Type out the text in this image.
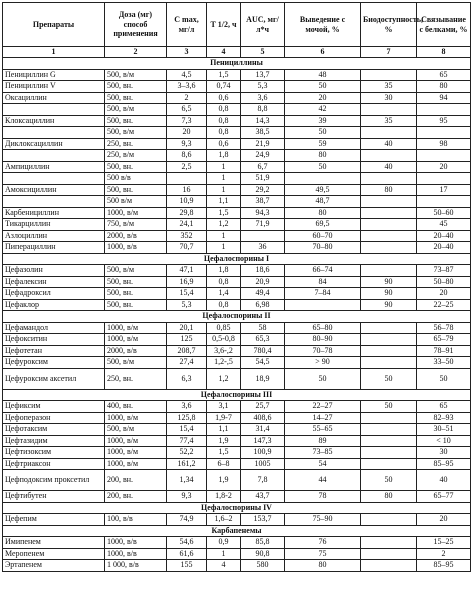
Препараты	Доза (мг) способ применения	C max, мг/л	T 1/2, ч	AUC, мг/л*ч	Выведение с мочой, %	Биодоступность, %	Связывание с белками, %
1	2	3	4	5	6	7	8
Пенициллины							
Пенициллин G	500, в/м	4,5	1,5	13,7	48		65
Пенициллин V	500, вн.	3–3,6	0,74	5,3	50	35	80
Оксациллин	500, вн.	2	0,6	3,6	20	30	94
	500, в/м	6,5	0,8	8,8	42		
Клоксациллин	500, вн.	7,3	0,8	14,3	39	35	95
	500, в/м	20	0,8	38,5	50		
Диклоксациллин	250, вн.	9,3	0,6	21,9	59	40	98
	250, в/м	8,6	1,8	24,9	80		
Ампициллин	500, вн.	2,5	1	6,7	50	40	20
	500 в/в		1	51,9			
Амоксициллин	500, вн.	16	1	29,2	49,5	80	17
	500 в/м	10,9	1,1	38,7	48,7		
Карбенициллин	1000, в/м	29,8	1,5	94,3	80		50–60
Тикарциллин	750, в/м	24,1	1,2	71,9	69,5		45
Азлоциллин	2000, в/в	352	1		60–70		20–40
Пиперациллин	1000, в/в	70,7	1	36	70–80		20–40
Цефалоспорины I							
Цефазолин	500, в/м	47,1	1,8	18,6	66–74		73–87
Цефалексин	500, вн.	16,9	0,8	20,9	84	90	50–80
Цефадроксил	500, вн.	15,4	1,4	49,4	7–84	90	20
Цефаклор	500, вн.	5,3	0,8	6,98		90	22–25
Цефалоспорины II							
Цефамандол	1000, в/м	20,1	0,85	58	65–80		56–78
Цефокситин	1000, в/м	125	0,5-0,8	65,3	80–90		65–79
Цефотетан	2000, в/в	208,7	3,6-,2	780,4	70–78		78–91
Цефуроксим	500, в/м	27,4	1,2-,5	54,5	> 90		33–50
Цефуроксим аксетил	250, вн.	6,3	1,2	18,9	50	50	50
Цефалоспорины III							
Цефиксим	400, вн.	3,6	3,1	25,7	22–27	50	65
Цефоперазон	1000, в/м	125,8	1,9-7	408,6	14–27		82–93
Цефотаксим	500, в/м	15,4	1,1	31,4	55–65		30–51
Цефтазидим	1000, в/м	77,4	1,9	147,3	89		< 10
Цефтизоксим	1000, в/м	52,2	1,5	100,9	73–85		30
Цефтриаксон	1000, в/м	161,2	6–8	1005	54		85–95
Цефподоксим проксетил	200, вн.	1,34	1,9	7,8	44	50	40
Цефтибутен	200, вн.	9,3	1,8-2	43,7	78	80	65–77
Цефалоспорины IV							
Цефепим	100, в/в	74,9	1,6–2	153,7	75–90		20
Карбапенемы							
Имипенем	1000, в/в	54,6	0,9	85,8	76		15–25
Меропенем	1000, в/в	61,6	1	90,8	75		2
Эртапенем	1 000, в/в	155	4	580	80		85–95
